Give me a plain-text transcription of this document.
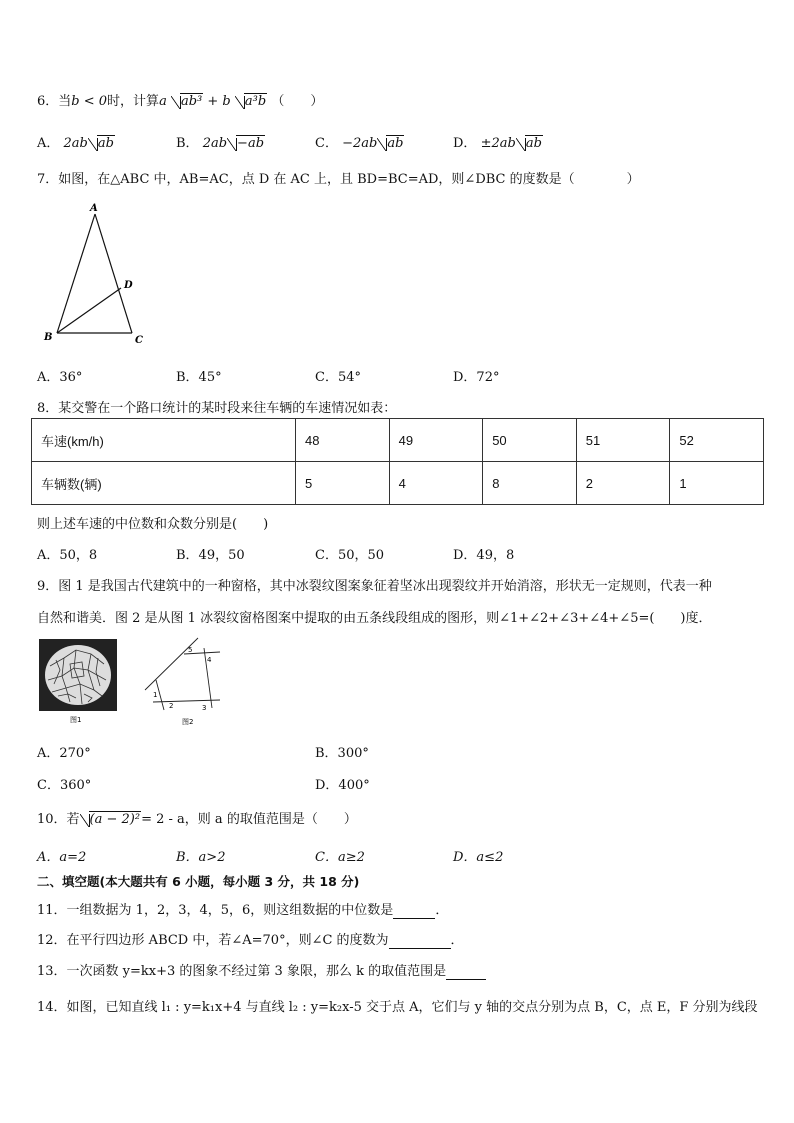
6．当b < 0时，计算a ab³ + b a³b （　　）
A． 2ab ab	B． 2ab −ab	C． −2ab ab	D． ±2ab ab
7．如图，在△ABC 中，AB=AC，点 D 在 AC 上，且 BD=BC=AD，则∠DBC 的度数是（　　　　）
A
B	C
D
A．36°	B．45°	C．54°	D．72°
8．某交警在一个路口统计的某时段来往车辆的车速情况如表：
车速(km/h)	48	49	50	51	52
车辆数(辆)	5	4	8	2	1
则上述车速的中位数和众数分别是(　　)
A．50，8	B．49，50	C．50，50	D．49，8
9．图 1 是我国古代建筑中的一种窗格，其中冰裂纹图案象征着坚冰出现裂纹并开始消溶，形状无一定规则，代表一种
自然和谐美．图 2 是从图 1 冰裂纹窗格图案中提取的由五条线段组成的图形，则∠1+∠2+∠3+∠4+∠5=(　　)度．
图1
1
2	3
4
5
图2
A．270°	B．300°
C．360°	D．400°
10．若 (a − 2)²= 2 - a，则 a 的取值范围是（　　）
A．a=2	B．a>2	C．a≥2	D．a≤2
二、填空题(本大题共有 6 小题，每小题 3 分，共 18 分)
11．一组数据为 1，2，3，4，5，6，则这组数据的中位数是	．
12．在平行四边形 ABCD 中，若∠A=70°，则∠C 的度数为	．
13．一次函数 y=kx+3 的图象不经过第 3 象限，那么 k 的取值范围是
14．如图，已知直线 l₁ : y=k₁x+4 与直线 l₂ : y=k₂x-5 交于点 A，它们与 y 轴的交点分别为点 B，C，点 E，F 分别为线段
